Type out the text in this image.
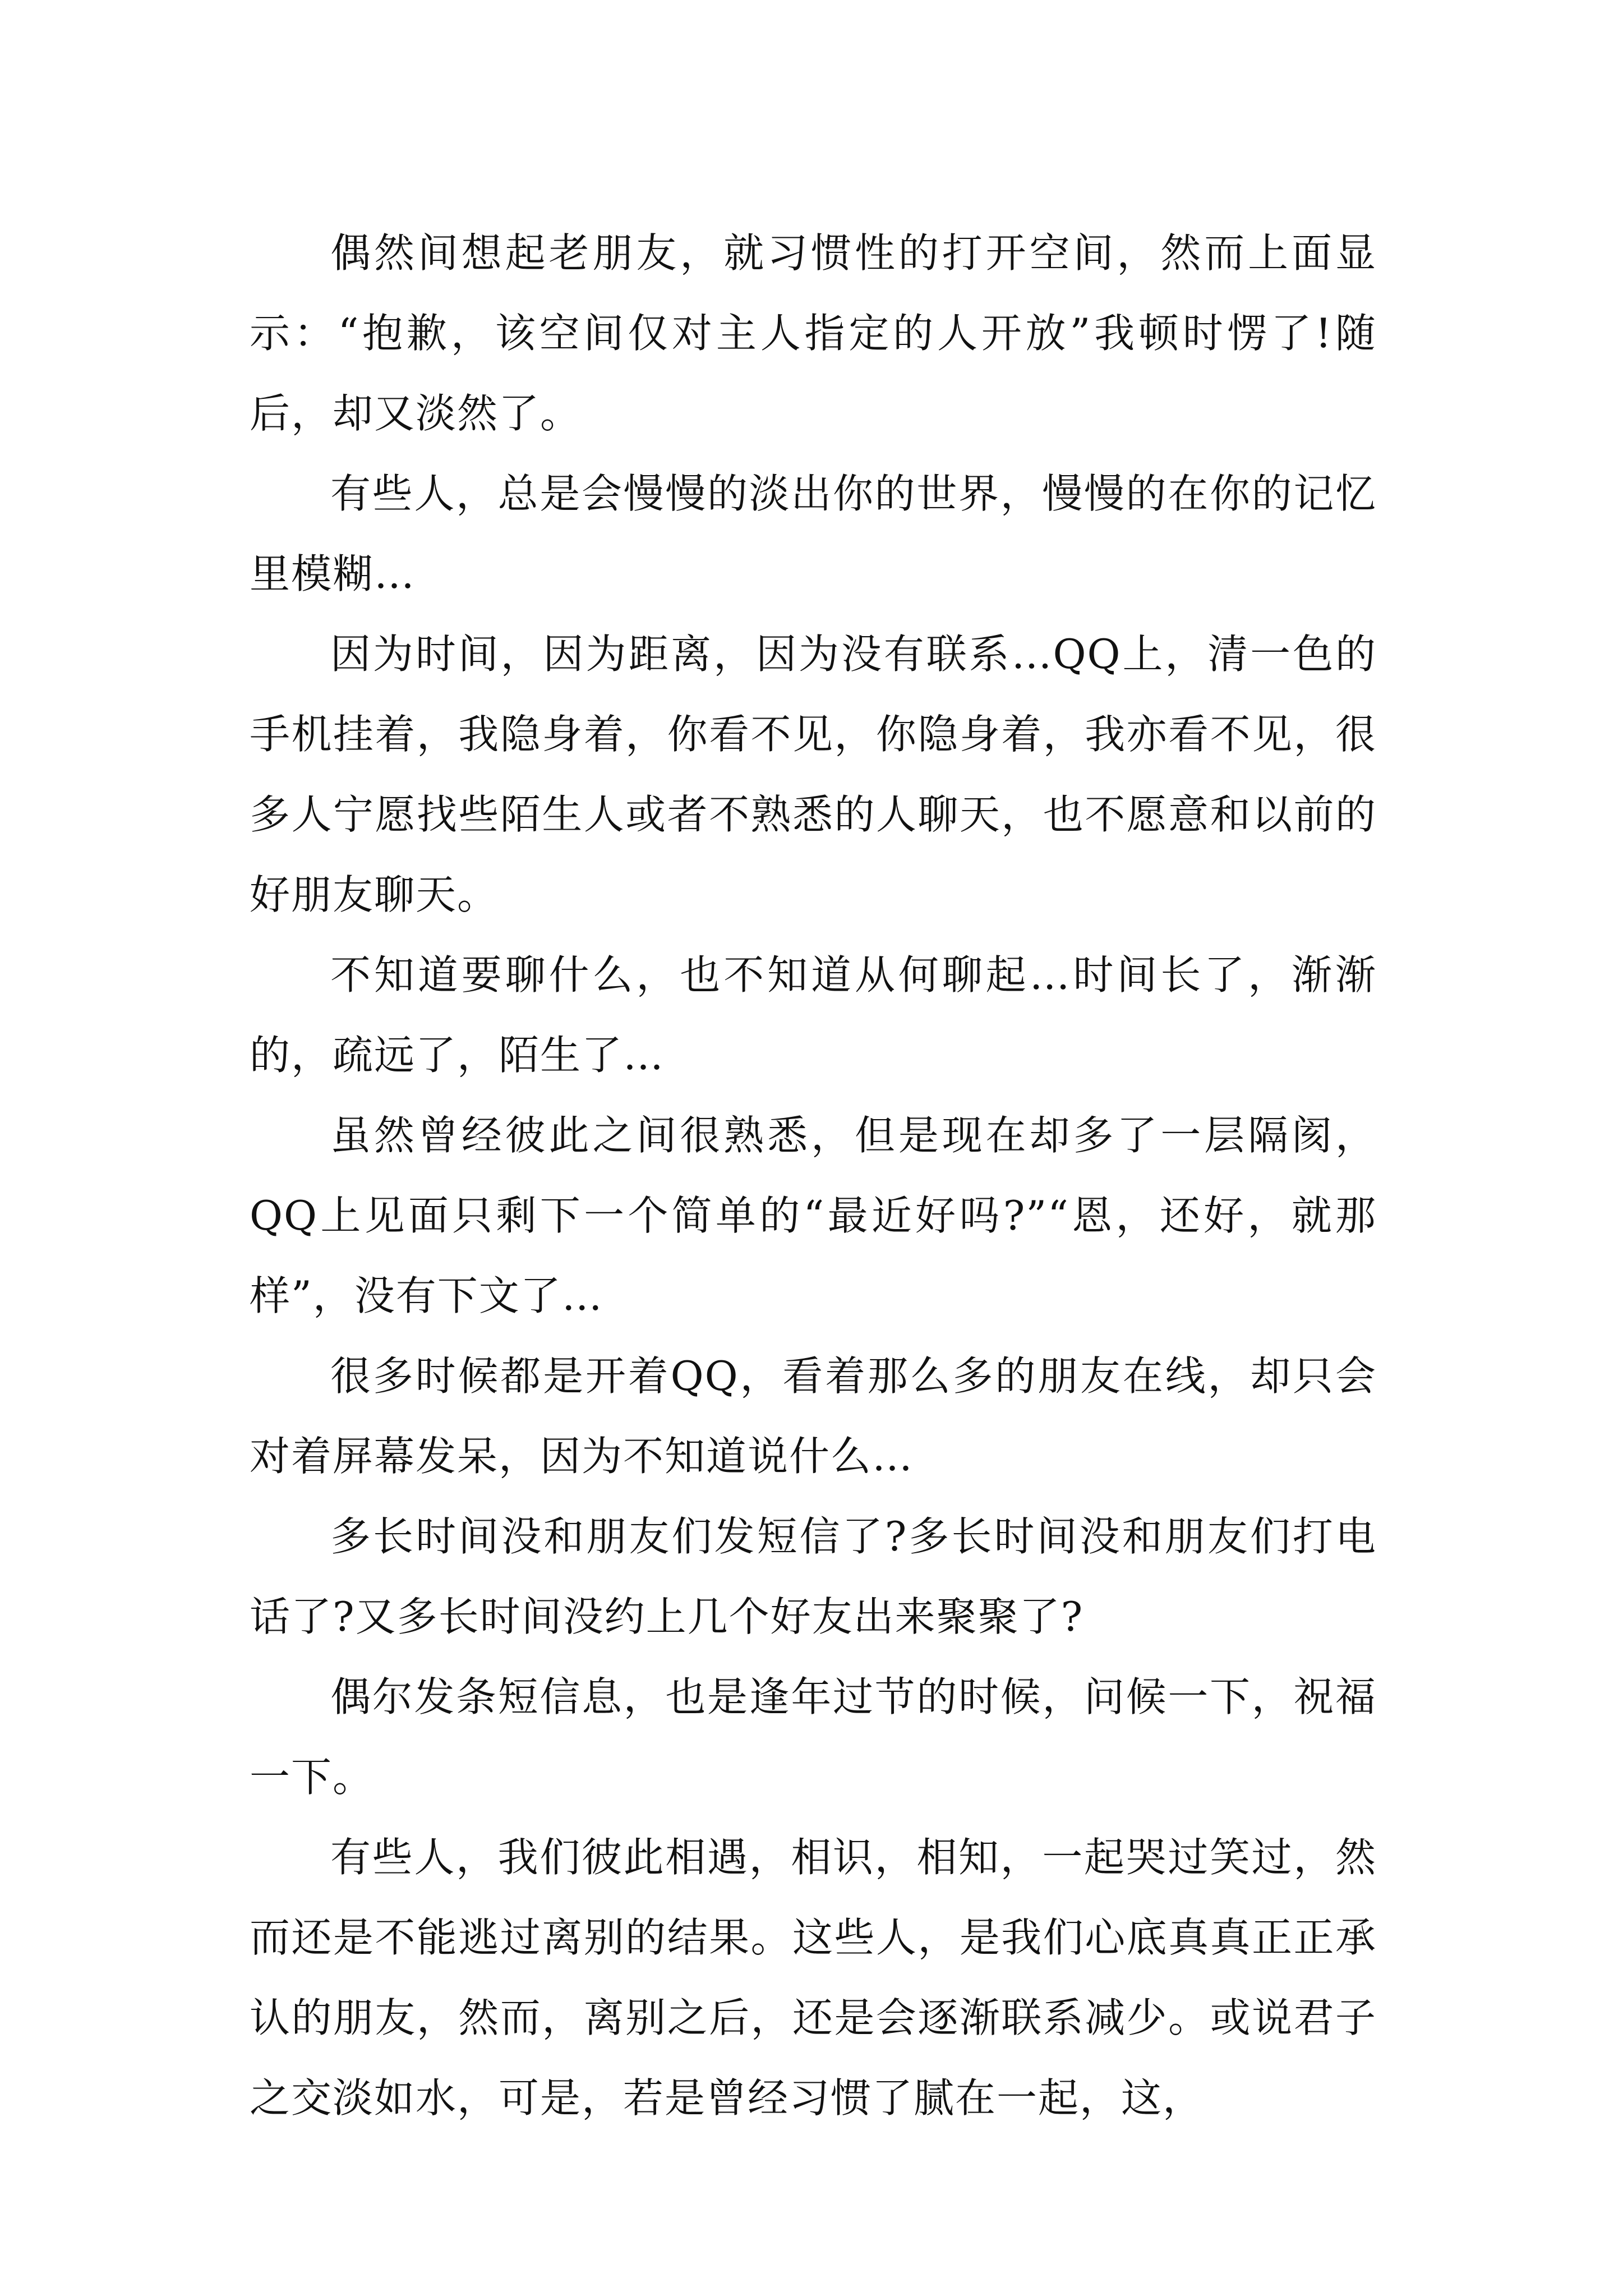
偶然间想起老朋友，就习惯性的打开空间，然而上面显示：“抱歉，该空间仅对主人指定的人开放”我顿时愣了!随后，却又淡然了。

有些人，总是会慢慢的淡出你的世界，慢慢的在你的记忆里模糊…

因为时间，因为距离，因为没有联系…QQ上，清一色的手机挂着，我隐身着，你看不见，你隐身着，我亦看不见，很多人宁愿找些陌生人或者不熟悉的人聊天，也不愿意和以前的好朋友聊天。

不知道要聊什么，也不知道从何聊起…时间长了，渐渐的，疏远了，陌生了…

虽然曾经彼此之间很熟悉，但是现在却多了一层隔阂，QQ上见面只剩下一个简单的“最近好吗?”“恩，还好，就那样”，没有下文了…

很多时候都是开着QQ，看着那么多的朋友在线，却只会对着屏幕发呆，因为不知道说什么…

多长时间没和朋友们发短信了?多长时间没和朋友们打电话了?又多长时间没约上几个好友出来聚聚了?

偶尔发条短信息，也是逢年过节的时候，问候一下，祝福一下。

有些人，我们彼此相遇，相识，相知，一起哭过笑过，然而还是不能逃过离别的结果。这些人，是我们心底真真正正承认的朋友，然而，离别之后，还是会逐渐联系减少。或说君子之交淡如水，可是，若是曾经习惯了腻在一起，这，
